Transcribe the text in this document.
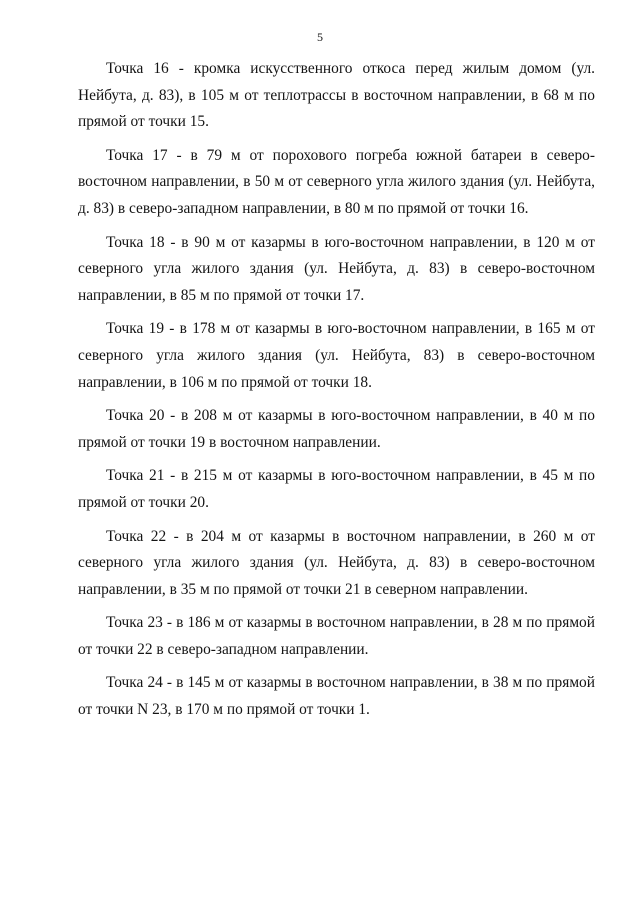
5

Точка 16 - кромка искусственного откоса перед жилым домом (ул. Нейбута, д. 83), в 105 м от теплотрассы в восточном направлении, в 68 м по прямой от точки 15.

Точка 17 - в 79 м от порохового погреба южной батареи в северо-восточном направлении, в 50 м от северного угла жилого здания (ул. Нейбута, д. 83) в северо-западном направлении, в 80 м по прямой от точки 16.

Точка 18 - в 90 м от казармы в юго-восточном направлении, в 120 м от северного угла жилого здания (ул. Нейбута, д. 83) в северо-восточном направлении, в 85 м по прямой от точки 17.

Точка 19 - в 178 м от казармы в юго-восточном направлении, в 165 м от северного угла жилого здания (ул. Нейбута, 83) в северо-восточном направлении, в 106 м по прямой от точки 18.

Точка 20 - в 208 м от казармы в юго-восточном направлении, в 40 м по прямой от точки 19 в восточном направлении.

Точка 21 - в 215 м от казармы в юго-восточном направлении, в 45 м по прямой от точки 20.

Точка 22 - в 204 м от казармы в восточном направлении, в 260 м от северного угла жилого здания (ул. Нейбута, д. 83) в северо-восточном направлении, в 35 м по прямой от точки 21 в северном направлении.

Точка 23 - в 186 м от казармы в восточном направлении, в 28 м по прямой от точки 22 в северо-западном направлении.

Точка 24 - в 145 м от казармы в восточном направлении, в 38 м по прямой от точки N 23, в 170 м по прямой от точки 1.
